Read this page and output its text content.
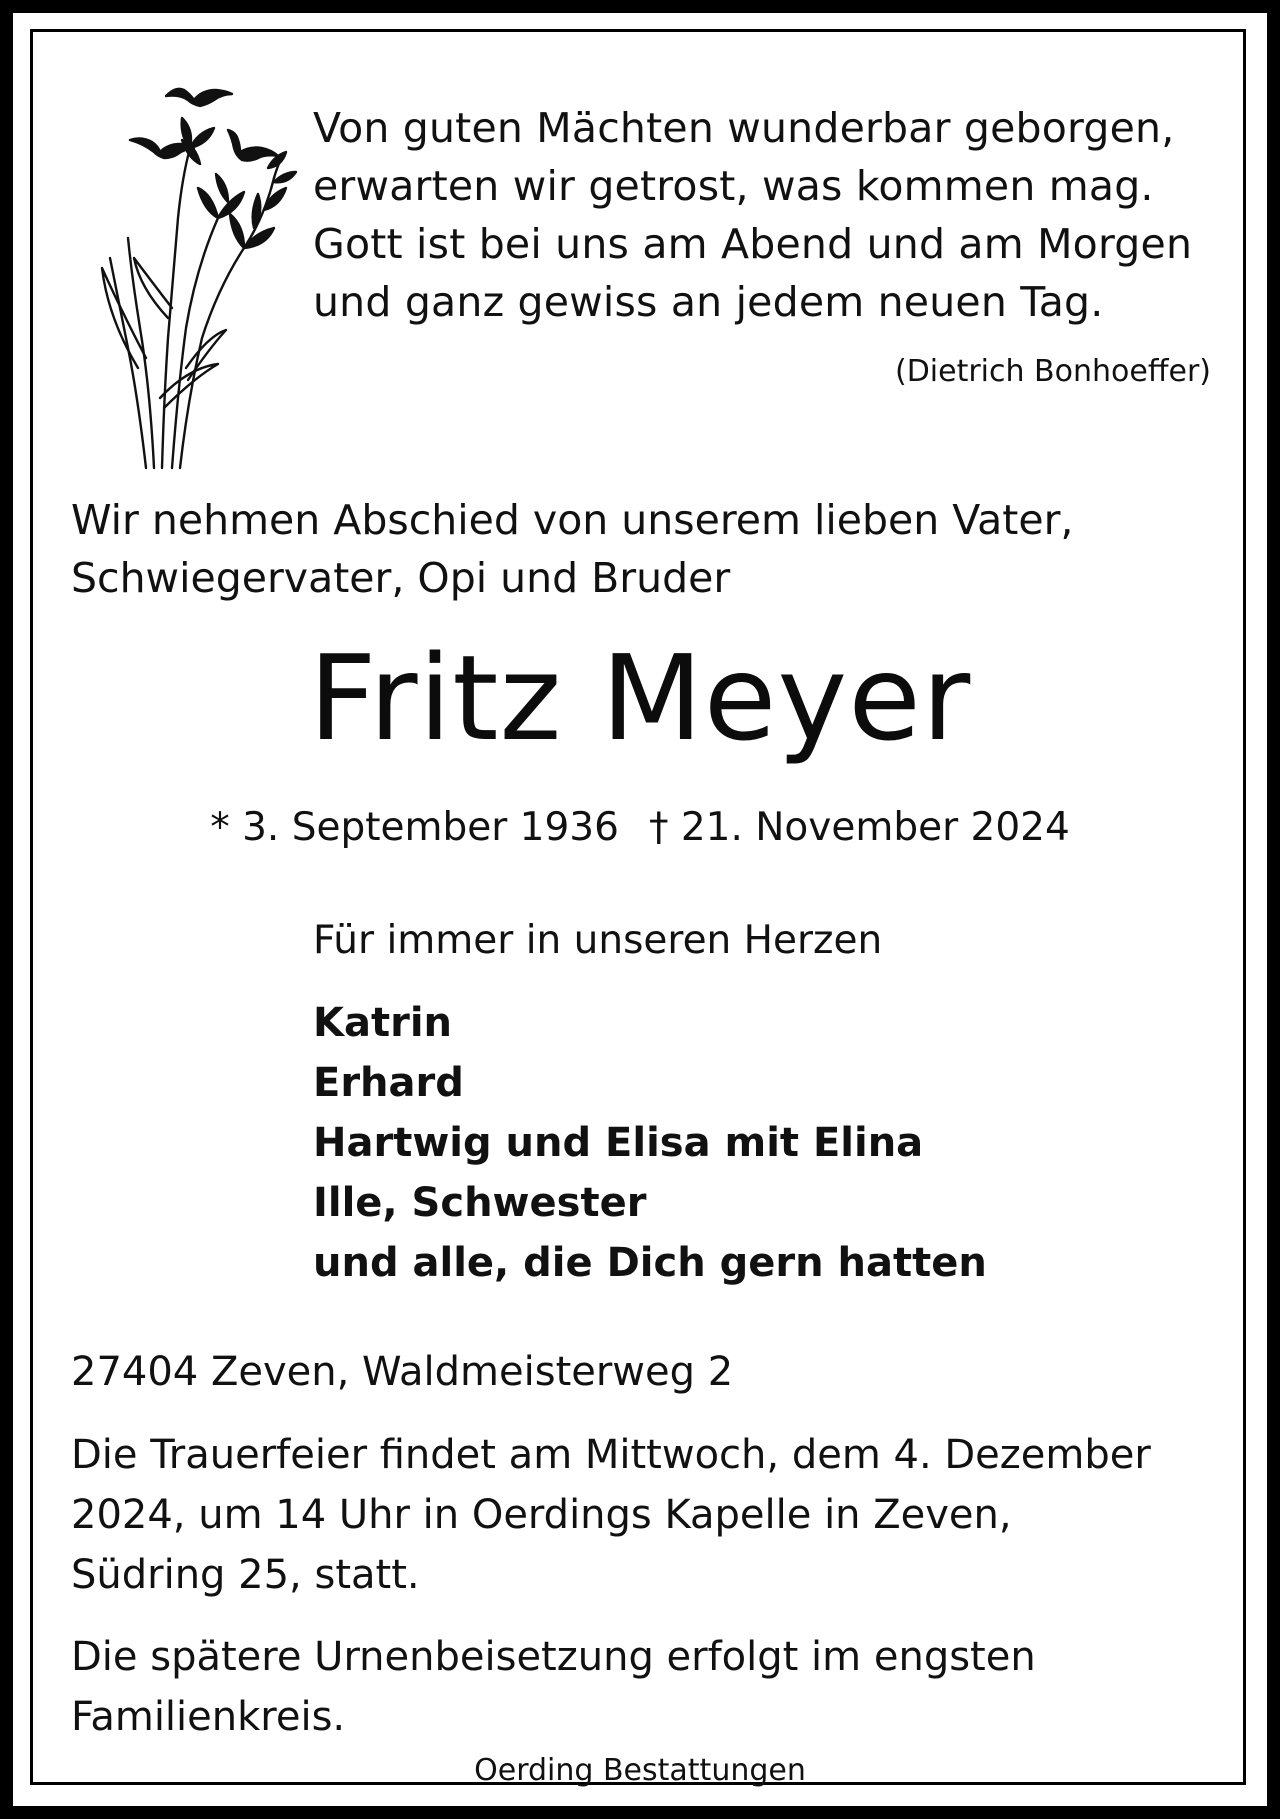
Von guten Mächten wunderbar geborgen,
erwarten wir getrost, was kommen mag.
Gott ist bei uns am Abend und am Morgen
und ganz gewiss an jedem neuen Tag.
(Dietrich Bonhoeffer)
Wir nehmen Abschied von unserem lieben Vater,
Schwiegervater, Opi und Bruder
Fritz Meyer
* 3. September 1936 † 21. November 2024
Für immer in unseren Herzen
Katrin
Erhard
Hartwig und Elisa mit Elina
Ille, Schwester
und alle, die Dich gern hatten
27404 Zeven, Waldmeisterweg 2
Die Trauerfeier findet am Mittwoch, dem 4. Dezember
2024, um 14 Uhr in Oerdings Kapelle in Zeven,
Südring 25, statt.
Die spätere Urnenbeisetzung erfolgt im engsten
Familienkreis.
Oerding Bestattungen
